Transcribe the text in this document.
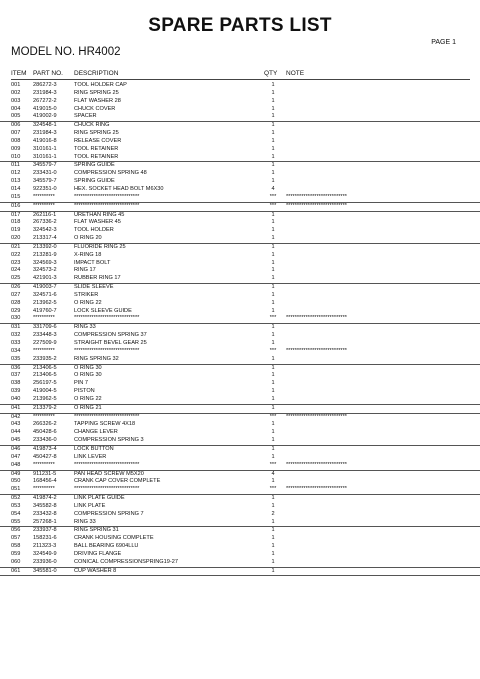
SPARE PARTS LIST
PAGE 1
MODEL NO. HR4002
ITEM PART NO. DESCRIPTION	QTY NOTE
001 286272-3	TOOL HOLDER CAP	1
002 231984-3	RING SPRING 25	1
003 267272-2	FLAT WASHER 28	1
004 419015-0	CHUCK COVER	1
005 419002-9	SPACER	1
006 324548-1	CHUCK RING	1
007 231984-3	RING SPRING 25	1
008 419016-8	RELEASE COVER	1
009 310161-1	TOOL RETAINER	1
010 310161-1	TOOL RETAINER	1
011 345579-7	SPRING GUIDE	1
012 233431-0	COMPRESSION SPRING 48	1
013 345579-7	SPRING GUIDE	1
014 922351-0	HEX. SOCKET HEAD BOLT M6X30	4
015 **********	******************************	***	****************************
016 **********	******************************	***	****************************
017 262116-1	URETHAN RING 45	1
018 267336-2	FLAT WASHER 45	1
019 324542-3	TOOL HOLDER	1
020 213317-4	O RING 20	1
021 213392-0	FLUORIDE RING 25	1
022 213281-9	X-RING 18	1
023 324569-3	IMPACT BOLT	1
024 324573-2	RING 17	1
025 421901-3	RUBBER RING 17	1
026 419003-7	SLIDE SLEEVE	1
027 324571-6	STRIKER	1
028 213962-5	O RING 22	1
029 419760-7	LOCK SLEEVE GUIDE	1
030 **********	******************************	***	****************************
031 331709-6	RING 33	1
032 233448-3	COMPRESSION SPRING 37	1
033 227509-9	STRAIGHT BEVEL GEAR 25	1
034 **********	******************************	***	****************************
035 233935-2	RING SPRING 32	1
036 213406-5	O RING 30	1
037 213406-5	O RING 30	1
038 256197-5	PIN 7	1
039 419004-5	PISTON	1
040 213962-5	O RING 22	1
041 213379-2	O RING 21	1
042 **********	******************************	***	****************************
043 266326-2	TAPPING SCREW 4X18	1
044 450428-6	CHANGE LEVER	1
045 233436-0	COMPRESSION SPRING 3	1
046 419873-4	LOCK BUTTON	1
047 450427-8	LINK LEVER	1
048 **********	******************************	***	****************************
049 911231-5	PAN HEAD SCREW M5X20	4
050 168456-4	CRANK CAP COVER COMPLETE	1
051 **********	******************************	***	****************************
052 419874-2	LINK PLATE GUIDE	1
053 345582-8	LINK PLATE	1
054 233432-8	COMPRESSION SPRING 7	2
055 257268-1	RING 33	1
056 233937-8	RING SPRING 31	1
057 158231-6	CRANK HOUSING COMPLETE	1
058 211323-3	BALL BEARING 6904LLU	1
059 324549-9	DRIVING FLANGE	1
060 233936-0	CONICAL COMPRESSIONSPRING19-27	1
061 345581-0	CUP WASHER 8	1
